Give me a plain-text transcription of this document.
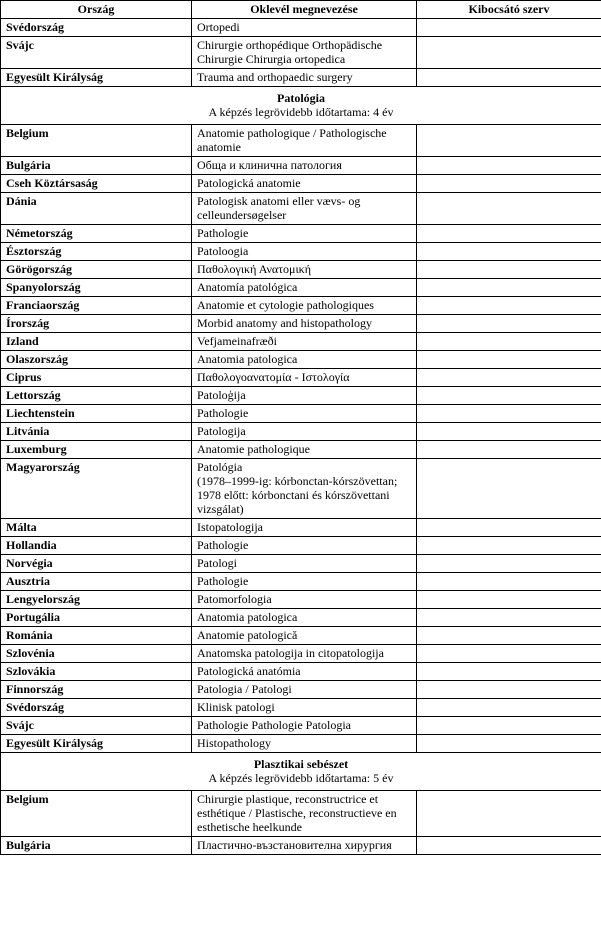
Ország	Oklevél megnevezése	Kibocsátó szerv
Svédország	Ortopedi	
Svájc	Chirurgie orthopédique Orthopädische Chirurgie Chirurgia ortopedica	
Egyesült Királyság	Trauma and orthopaedic surgery	

Patológia
A képzés legrövidebb időtartama: 4 év		

Belgium	Anatomie pathologique / Pathologische anatomie	
Bulgária	Обща и клинична патология	
Cseh Köztársaság	Patologická anatomie	
Dánia	Patologisk anatomi eller vævs- og celleundersøgelser	
Németország	Pathologie	
Észtország	Patoloogia	
Görögország	Παθολογική Ανατομική	
Spanyolország	Anatomía patológica	
Franciaország	Anatomie et cytologie pathologiques	
Írország	Morbid anatomy and histopathology	
Izland	Vefjameinafræði	
Olaszország	Anatomia patologica	
Ciprus	Παθολογοανατομία - Ιστολογία	
Lettország	Patoloģija	
Liechtenstein	Pathologie	
Litvánia	Patologija	
Luxemburg	Anatomie pathologique	
Magyarország	Patológia
(1978–1999-ig: kórbonctan-kórszövettan;
1978 előtt: kórbonctani és kórszövettani vizsgálat)	
Málta	Istopatologija	
Hollandia	Pathologie	
Norvégia	Patologi	
Ausztria	Pathologie	
Lengyelország	Patomorfologia	
Portugália	Anatomia patologica	
Románia	Anatomie patologică	
Szlovénia	Anatomska patologija in citopatologija	
Szlovákia	Patologická anatómia	
Finnország	Patologia / Patologi	
Svédország	Klinisk patologi	
Svájc	Pathologie Pathologie Patologia	
Egyesült Királyság	Histopathology	

Plasztikai sebészet
A képzés legrövidebb időtartama: 5 év		

Belgium	Chirurgie plastique, reconstructrice et esthétique / Plastische, reconstructieve en esthetische heelkunde	
Bulgária	Пластично-възстановителна хирургия	
